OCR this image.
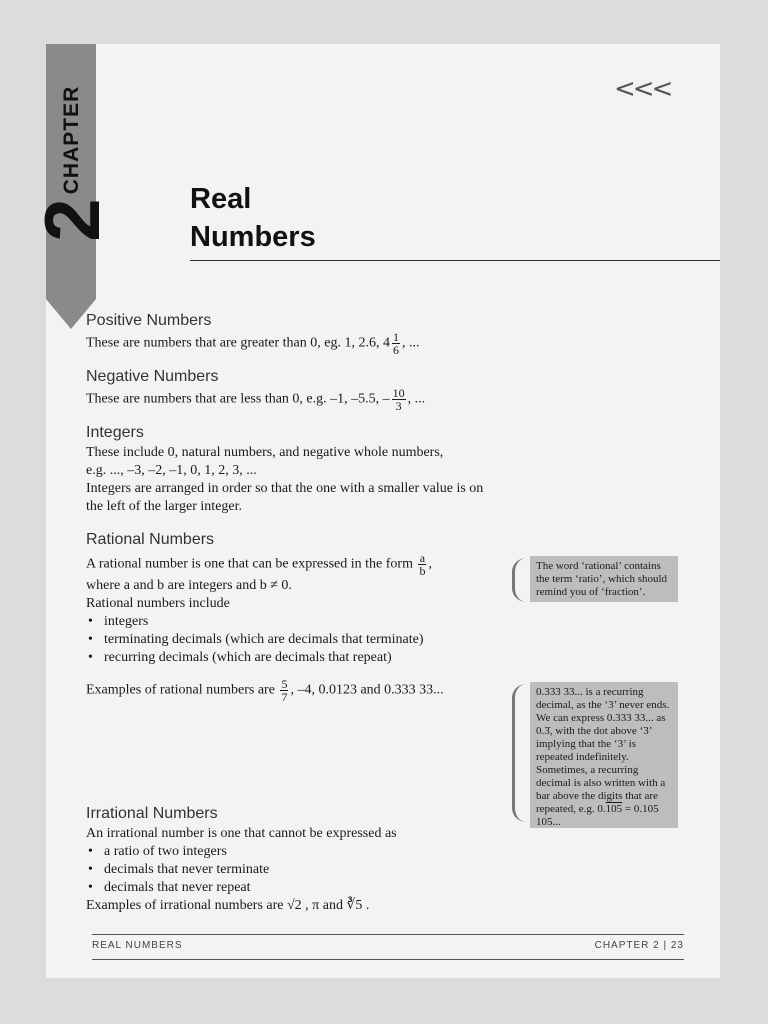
CHAPTER
2
<<<
Real
Numbers
Positive Numbers
These are numbers that are greater than 0, eg. 1, 2.6, $4 \frac{1}{6}$ , ...
Negative Numbers
These are numbers that are less than 0, e.g. –1, –5.5, – $\frac{10}{3}$ , ...
Integers
These include 0, natural numbers, and negative whole numbers,
e.g. ..., –3, –2, –1, 0, 1, 2, 3, ...
Integers are arranged in order so that the one with a smaller value is on
the left of the larger integer.
Rational Numbers
A rational number is one that can be expressed in the form $\frac{a}{b}$ ,
where a and b are integers and b ≠ 0.
Rational numbers include
• integers
• terminating decimals (which are decimals that terminate)
• recurring decimals (which are decimals that repeat)
Examples of rational numbers are $\frac{5}{7}$ , –4, 0.0123 and 0.333 33...
The word ‘rational’ contains the term ‘ratio’, which should remind you of ‘fraction’.
0.333 33... is a recurring decimal, as the ‘3’ never ends. We can express 0.333 33... as 0.3̇, with the dot above ‘3’ implying that the ‘3’ is repeated indefinitely. Sometimes, a recurring decimal is also written with a bar above the digits that are repeated, e.g. 0.105 = 0.105 105...
Irrational Numbers
An irrational number is one that cannot be expressed as
• a ratio of two integers
• decimals that never terminate
• decimals that never repeat
Examples of irrational numbers are √2 , π and ∛5 .
REAL NUMBERS	CHAPTER 2 | 23
